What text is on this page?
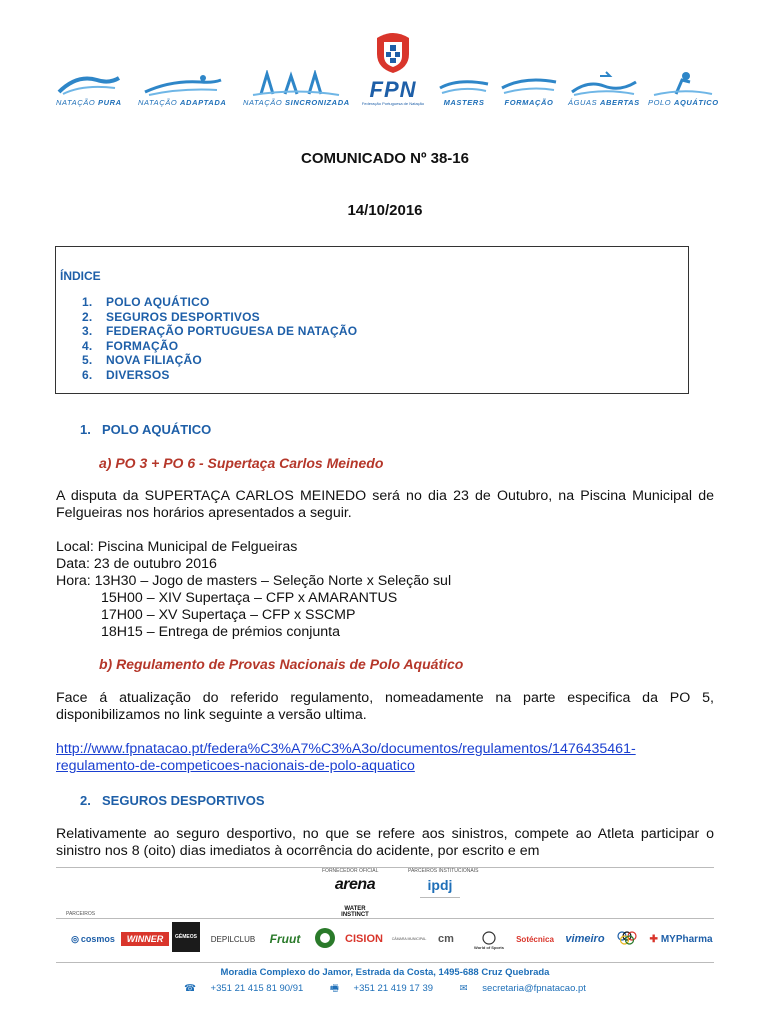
NATAÇÃO PURA NATAÇÃO ADAPTADA NATAÇÃO SINCRONIZADA
FPN
Federação Portuguesa de Natação	MASTERS	FORMAÇÃO	ÁGUAS ABERTAS POLO AQUÁTICO
COMUNICADO Nº 38-16
14/10/2016
ÍNDICE
1. POLO AQUÁTICO
2. SEGUROS DESPORTIVOS
3. FEDERAÇÃO PORTUGUESA DE NATAÇÃO
4. FORMAÇÃO
5. NOVA FILIAÇÃO
6. DIVERSOS
1. POLO AQUÁTICO
a) PO 3 + PO 6 - Supertaça Carlos Meinedo
A disputa da SUPERTAÇA CARLOS MEINEDO será no dia 23 de Outubro, na Piscina Municipal de Felgueiras nos horários apresentados a seguir.
Local: Piscina Municipal de Felgueiras
Data: 23 de outubro 2016
Hora: 13H30 – Jogo de masters – Seleção Norte x Seleção sul
15H00 – XIV Supertaça – CFP x AMARANTUS
17H00 – XV Supertaça – CFP x SSCMP
18H15 – Entrega de prémios conjunta
b) Regulamento de Provas Nacionais de Polo Aquático
Face á atualização do referido regulamento, nomeadamente na parte especifica da PO 5, disponibilizamos no link seguinte a versão ultima.
http://www.fpnatacao.pt/federa%C3%A7%C3%A3o/documentos/regulamentos/1476435461-
regulamento-de-competicoes-nacionais-de-polo-aquatico
2. SEGUROS DESPORTIVOS
Relativamente ao seguro desportivo, no que se refere aos sinistros, compete ao Atleta participar o sinistro nos 8 (oito) dias imediatos à ocorrência do acidente, por escrito e em
FORNECEDOR OFICIAL	PARCEIROS INSTITUCIONAIS
arena
WATER INSTINCT
ipdj
PARCEIROS
◎ cosmos	WINNER	GÉMEOS	DEPILCLUB	Fruut	CISION	CÂMARA MUNICIPAL	cm
World of Sports
Sotécnica	vimeiro	✚ MYPharma
Moradia Complexo do Jamor, Estrada da Costa, 1495-688 Cruz Quebrada
☎ +351 21 415 81 90/91	🖷 +351 21 419 17 39	✉ secretaria@fpnatacao.pt
